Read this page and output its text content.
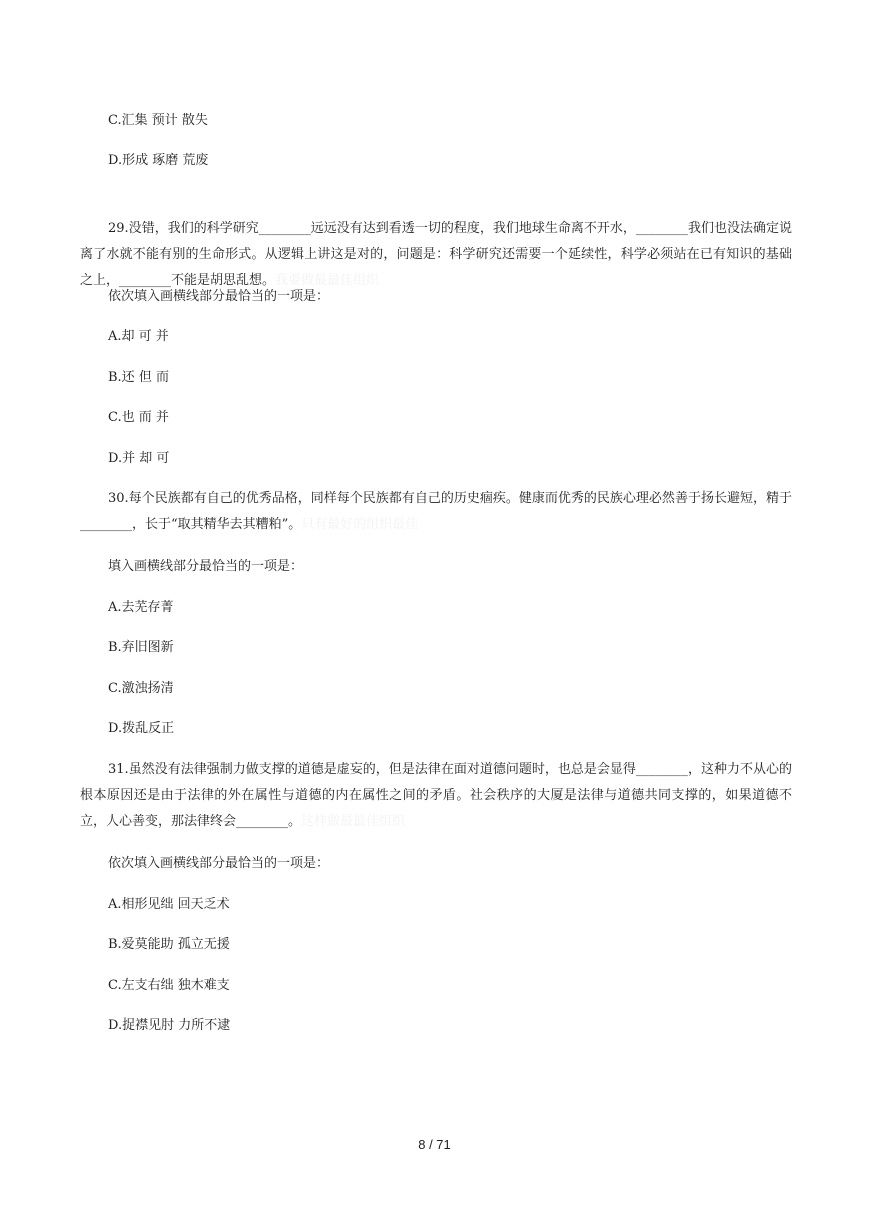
C.汇集 预计 散失
D.形成 琢磨 荒废
29.没错，我们的科学研究________远远没有达到看透一切的程度，我们地球生命离不开水，________我们也没法确定说离了水就不能有别的生命形式。从逻辑上讲这是对的，问题是：科学研究还需要一个延续性，科学必须站在已有知识的基础之上，________不能是胡思乱想。我要做最最佳组织
依次填入画横线部分最恰当的一项是：
A.却 可 并
B.还 但 而
C.也 而 并
D.并 却 可
30.每个民族都有自己的优秀品格，同样每个民族都有自己的历史痼疾。健康而优秀的民族心理必然善于扬长避短，精于________，长于“取其精华去其糟粕”。只有最好的组织最佳
填入画横线部分最恰当的一项是：
A.去芜存菁
B.弃旧图新
C.激浊扬清
D.拨乱反正
31.虽然没有法律强制力做支撑的道德是虚妄的，但是法律在面对道德问题时，也总是会显得________，这种力不从心的根本原因还是由于法律的外在属性与道德的内在属性之间的矛盾。社会秩序的大厦是法律与道德共同支撑的，如果道德不立，人心善变，那法律终会________。这样做最最佳组织
依次填入画横线部分最恰当的一项是：
A.相形见绌 回天乏术
B.爱莫能助 孤立无援
C.左支右绌 独木难支
D.捉襟见肘 力所不逮
8 / 71
